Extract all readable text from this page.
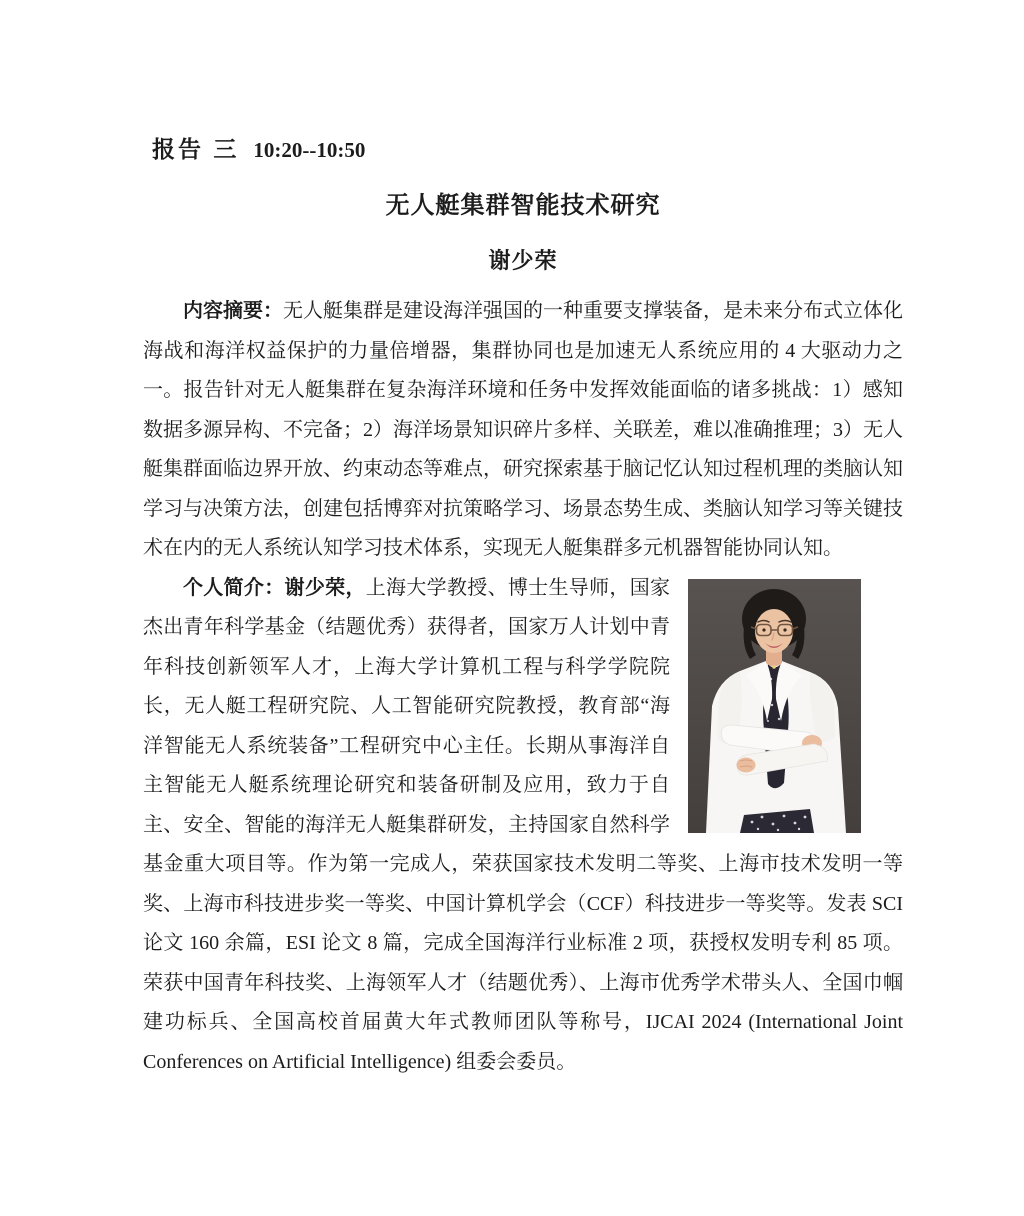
报告 三 10:20--10:50
无人艇集群智能技术研究
谢少荣
内容摘要：无人艇集群是建设海洋强国的一种重要支撑装备，是未来分布式立体化海战和海洋权益保护的力量倍增器，集群协同也是加速无人系统应用的 4 大驱动力之一。报告针对无人艇集群在复杂海洋环境和任务中发挥效能面临的诸多挑战：1）感知数据多源异构、不完备；2）海洋场景知识碎片多样、关联差，难以准确推理；3）无人艇集群面临边界开放、约束动态等难点，研究探索基于脑记忆认知过程机理的类脑认知学习与决策方法，创建包括博弈对抗策略学习、场景态势生成、类脑认知学习等关键技术在内的无人系统认知学习技术体系，实现无人艇集群多元机器智能协同认知。
个人简介：谢少荣，上海大学教授、博士生导师，国家杰出青年科学基金（结题优秀）获得者，国家万人计划中青年科技创新领军人才，上海大学计算机工程与科学学院院长，无人艇工程研究院、人工智能研究院教授，教育部“海洋智能无人系统装备”工程研究中心主任。长期从事海洋自主智能无人艇系统理论研究和装备研制及应用，致力于自主、安全、智能的海洋无人艇集群研发，主持国家自然科学基金重大项目等。作为第一完成人，荣获国家技术发明二等奖、上海市技术发明一等奖、上海市科技进步奖一等奖、中国计算机学会（CCF）科技进步一等奖等。发表 SCI 论文 160 余篇，ESI 论文 8 篇，完成全国海洋行业标准 2 项，获授权发明专利 85 项。荣获中国青年科技奖、上海领军人才（结题优秀）、上海市优秀学术带头人、全国巾帼建功标兵、全国高校首届黄大年式教师团队等称号，IJCAI 2024 (International Joint Conferences on Artificial Intelligence) 组委会委员。
